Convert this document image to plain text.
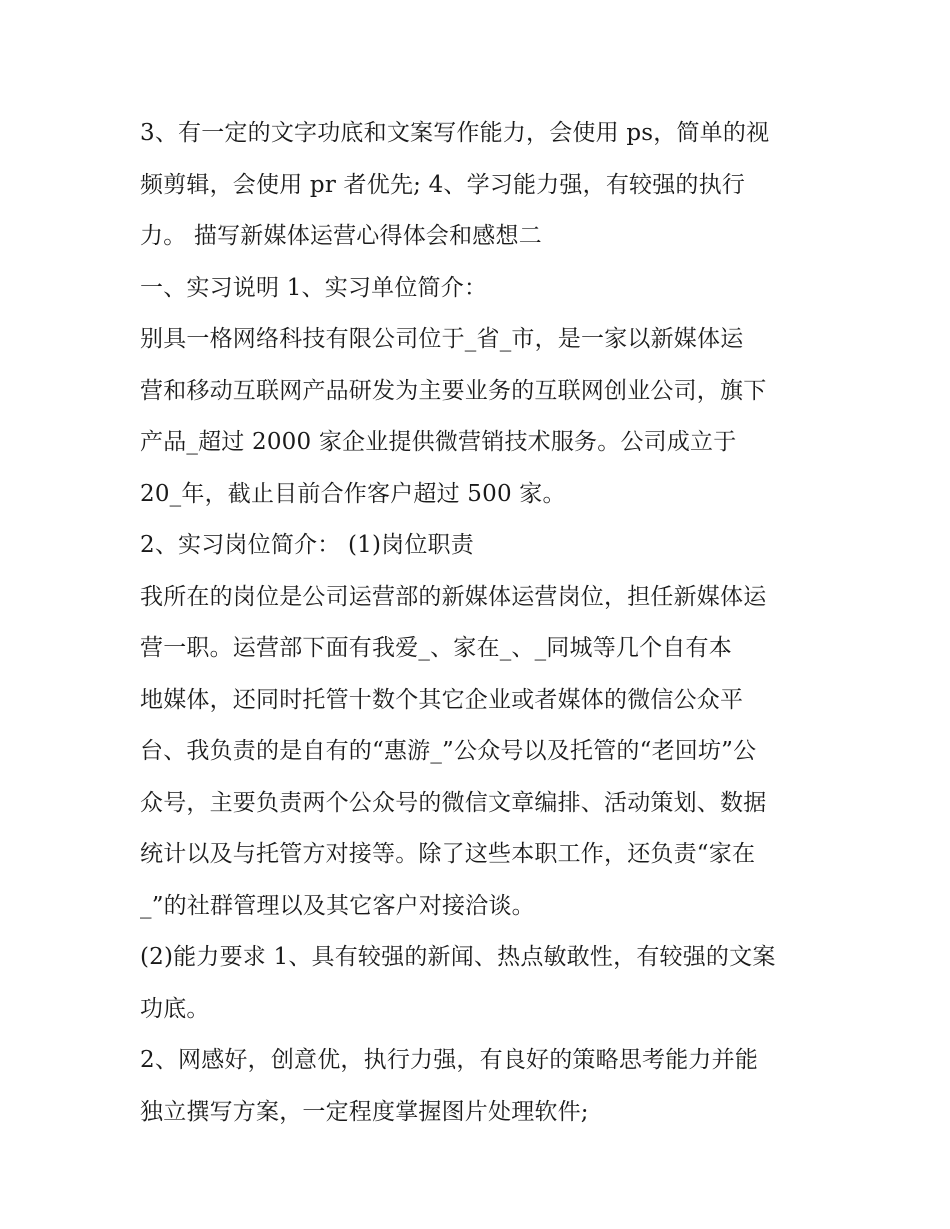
3、有一定的文字功底和文案写作能力，会使用 ps，简单的视

频剪辑，会使用 pr 者优先; 4、学习能力强，有较强的执行

力。 描写新媒体运营心得体会和感想二

一、实习说明 1、实习单位简介：

别具一格网络科技有限公司位于_省_市，是一家以新媒体运

营和移动互联网产品研发为主要业务的互联网创业公司，旗下

产品_超过 2000 家企业提供微营销技术服务。公司成立于

20_年，截止目前合作客户超过 500 家。

2、实习岗位简介： (1)岗位职责

我所在的岗位是公司运营部的新媒体运营岗位，担任新媒体运

营一职。运营部下面有我爱_、家在_、_同城等几个自有本

地媒体，还同时托管十数个其它企业或者媒体的微信公众平

台、我负责的是自有的“惠游_”公众号以及托管的“老回坊”公

众号，主要负责两个公众号的微信文章编排、活动策划、数据

统计以及与托管方对接等。除了这些本职工作，还负责“家在

_”的社群管理以及其它客户对接洽谈。

(2)能力要求 1、具有较强的新闻、热点敏敢性，有较强的文案

功底。

2、网感好，创意优，执行力强，有良好的策略思考能力并能

独立撰写方案，一定程度掌握图片处理软件;
